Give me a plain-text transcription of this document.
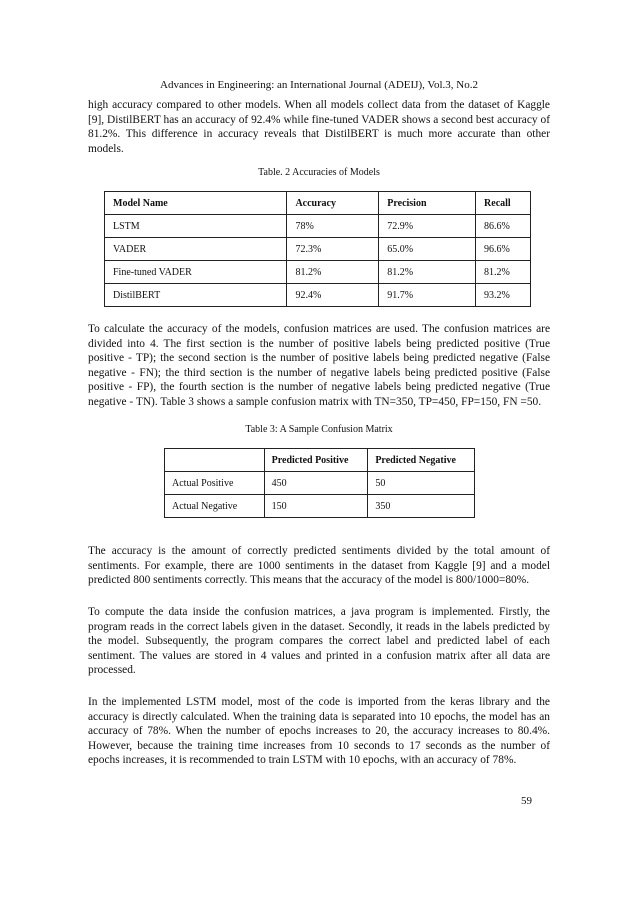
Advances in Engineering: an International Journal (ADEIJ), Vol.3, No.2

high accuracy compared to other models. When all models collect data from the dataset of Kaggle [9], DistilBERT has an accuracy of 92.4% while fine-tuned VADER shows a second best accuracy of 81.2%. This difference in accuracy reveals that DistilBERT is much more accurate than other models.

Table. 2 Accuracies of Models
Model Name	Accuracy	Precision	Recall
LSTM	78%	72.9%	86.6%
VADER	72.3%	65.0%	96.6%
Fine-tuned VADER	81.2%	81.2%	81.2%
DistilBERT	92.4%	91.7%	93.2%

To calculate the accuracy of the models, confusion matrices are used. The confusion matrices are divided into 4. The first section is the number of positive labels being predicted positive (True positive - TP); the second section is the number of positive labels being predicted negative (False negative - FN); the third section is the number of negative labels being predicted positive (False positive - FP), the fourth section is the number of negative labels being predicted negative (True negative - TN). Table 3 shows a sample confusion matrix with TN=350, TP=450, FP=150, FN =50.

Table 3: A Sample Confusion Matrix
	Predicted Positive	Predicted Negative
Actual Positive	450	50
Actual Negative	150	350

The accuracy is the amount of correctly predicted sentiments divided by the total amount of sentiments. For example, there are 1000 sentiments in the dataset from Kaggle [9] and a model predicted 800 sentiments correctly. This means that the accuracy of the model is 800/1000=80%.

To compute the data inside the confusion matrices, a java program is implemented. Firstly, the program reads in the correct labels given in the dataset. Secondly, it reads in the labels predicted by the model. Subsequently, the program compares the correct label and predicted label of each sentiment. The values are stored in 4 values and printed in a confusion matrix after all data are processed.

In the implemented LSTM model, most of the code is imported from the keras library and the accuracy is directly calculated. When the training data is separated into 10 epochs, the model has an accuracy of 78%. When the number of epochs increases to 20, the accuracy increases to 80.4%. However, because the training time increases from 10 seconds to 17 seconds as the number of epochs increases, it is recommended to train LSTM with 10 epochs, with an accuracy of 78%.

59
